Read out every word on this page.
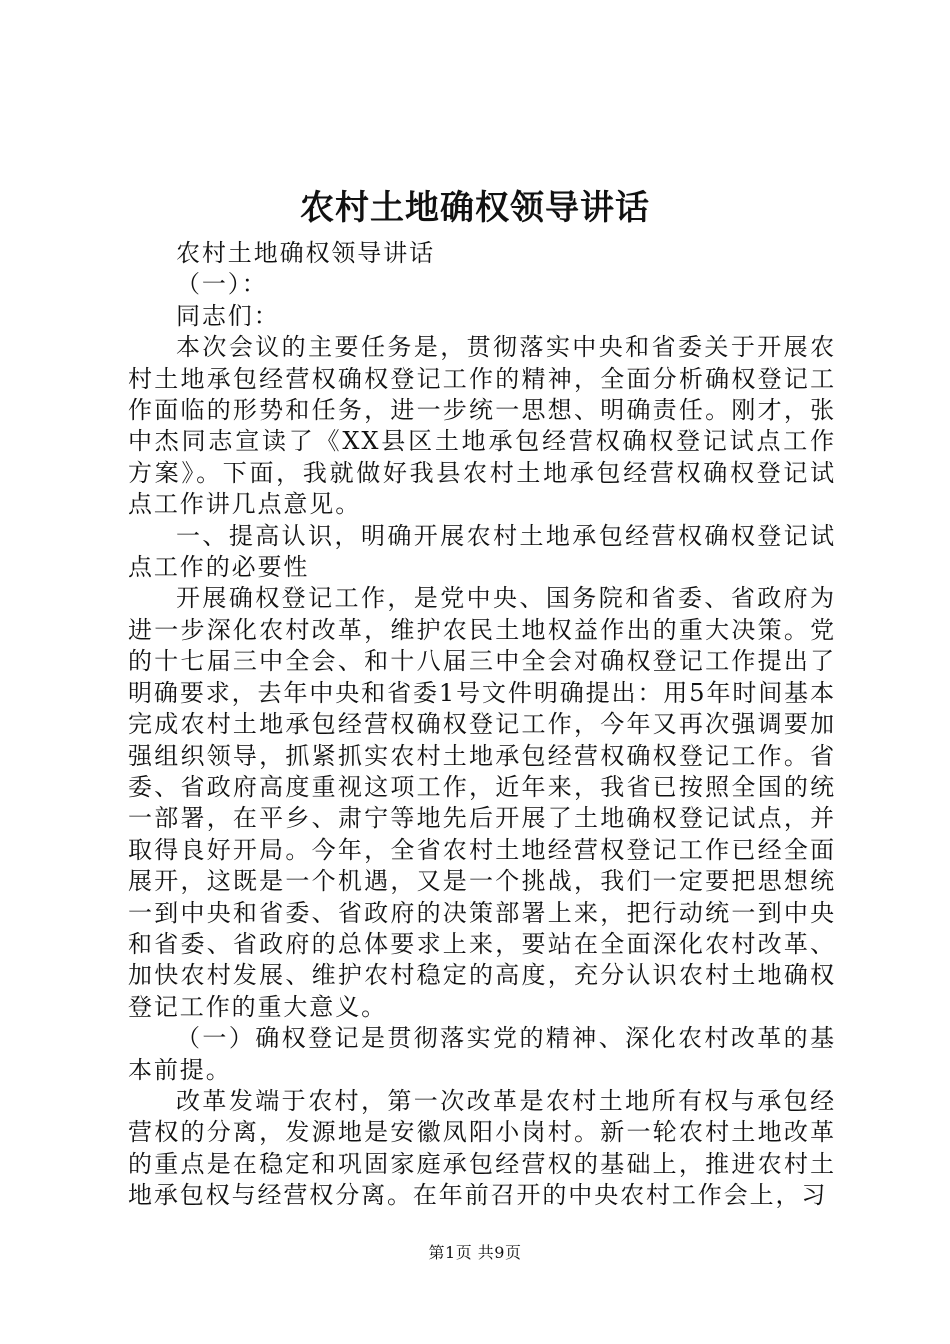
农村土地确权领导讲话

农村土地确权领导讲话

（一）：

同志们：

本次会议的主要任务是，贯彻落实中央和省委关于开展农村土地承包经营权确权登记工作的精神，全面分析确权登记工作面临的形势和任务，进一步统一思想、明确责任。刚才，张中杰同志宣读了《XX县区土地承包经营权确权登记试点工作方案》。下面，我就做好我县农村土地承包经营权确权登记试点工作讲几点意见。

一、提高认识，明确开展农村土地承包经营权确权登记试点工作的必要性

开展确权登记工作，是党中央、国务院和省委、省政府为进一步深化农村改革，维护农民土地权益作出的重大决策。党的十七届三中全会、和十八届三中全会对确权登记工作提出了明确要求，去年中央和省委1号文件明确提出：用5年时间基本完成农村土地承包经营权确权登记工作，今年又再次强调要加强组织领导，抓紧抓实农村土地承包经营权确权登记工作。省委、省政府高度重视这项工作，近年来，我省已按照全国的统一部署，在平乡、肃宁等地先后开展了土地确权登记试点，并取得良好开局。今年，全省农村土地经营权登记工作已经全面展开，这既是一个机遇，又是一个挑战，我们一定要把思想统一到中央和省委、省政府的决策部署上来，把行动统一到中央和省委、省政府的总体要求上来，要站在全面深化农村改革、加快农村发展、维护农村稳定的高度，充分认识农村土地确权登记工作的重大意义。

（一）确权登记是贯彻落实党的精神、深化农村改革的基本前提。

改革发端于农村，第一次改革是农村土地所有权与承包经营权的分离，发源地是安徽凤阳小岗村。新一轮农村土地改革的重点是在稳定和巩固家庭承包经营权的基础上，推进农村土地承包权与经营权分离。在年前召开的中央农村工作会上，习

第1页 共9页
